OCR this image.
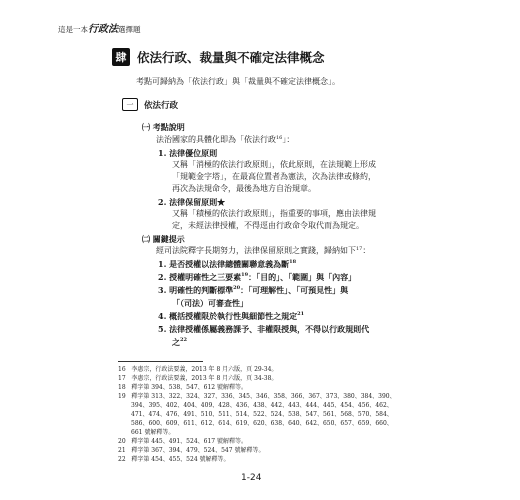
這是一本行政法選擇題
肆 依法行政、裁量與不確定法律概念
考點可歸納為「依法行政」與「裁量與不確定法律概念」。
一	依法行政
㈠ 考點說明
法治國家的具體化即為「依法行政$^{16}$」：
1. 法律優位原則
又稱「消極的依法行政原則」，依此原則，在法規範上形成
「規範金字塔」，在最高位置者為憲法，次為法律或條約，
再次為法規命令，最後為地方自治規章。
2. 法律保留原則★
又稱「積極的依法行政原則」，指重要的事項，應由法律規
定，未經法律授權，不得逕由行政命令取代而為規定。
㈡ 關鍵提示
經司法院釋字長期努力，法律保留原則之實踐，歸納如下$^{17}$：
1. 是否授權以法律總體關聯意義為斷$^{18}$
2. 授權明確性之三要素$^{19}$：「目的」、「範圍」與「內容」
3. 明確性的判斷標準$^{20}$：「可理解性」、「可預見性」與
「（司法）可審查性」
4. 概括授權限於執行性與細節性之規定$^{21}$
5. 法律授權係屬義務課予、非權限授與，不得以行政規則代
之$^{22}$
16 李惠宗，行政法要義，2013 年 8 月六版，頁 29-34。
17 李惠宗，行政法要義，2013 年 8 月六版，頁 34-38。
18 釋字第 394、538、547、612 號解釋等。
19 釋字第 313、322、324、327、336、345、346、358、366、367、373、380、384、390、
394、395、402、404、409、428、436、438、442、443、444、445、454、456、462、
471、474、476、491、510、511、514、522、524、538、547、561、568、570、584、
586、600、609、611、612、614、619、620、638、640、642、650、657、659、660、
661 號解釋等。
20 釋字第 445、491、524、617 號解釋等。
21 釋字第 367、394、479、524、547 號解釋等。
22 釋字第 454、455、524 號解釋等。
1-24
